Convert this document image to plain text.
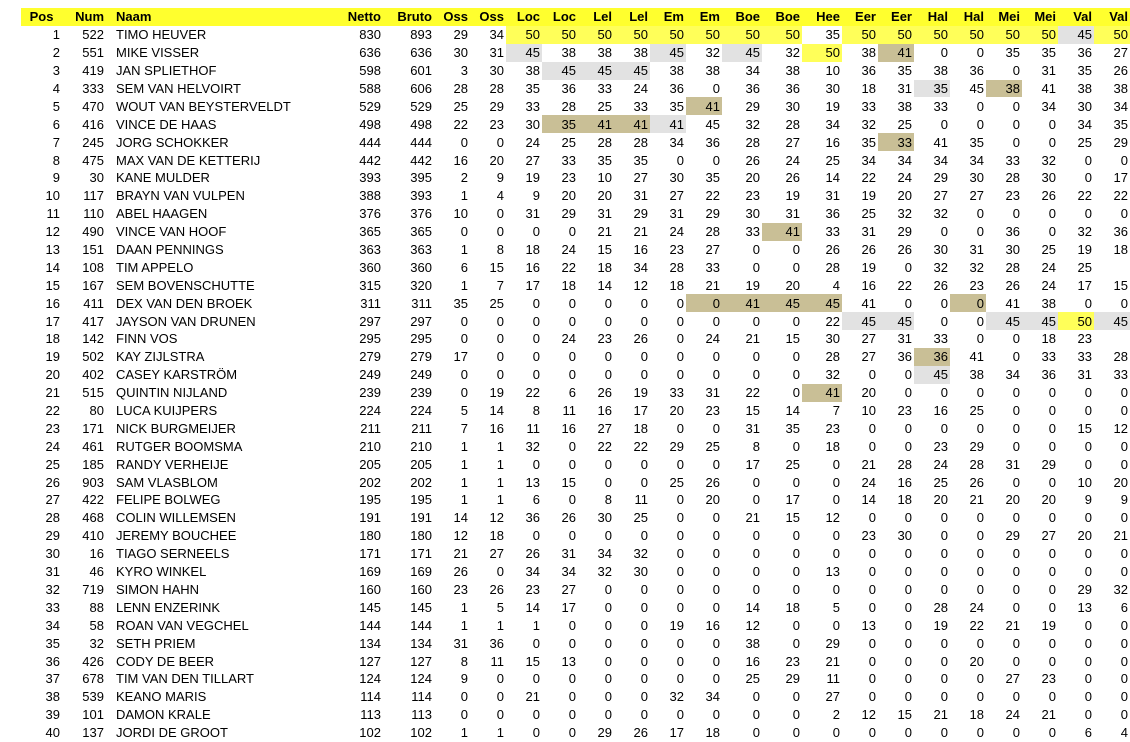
Pos	Num	Naam	Netto	Bruto	Oss	Oss	Loc	Loc	Lel	Lel	Em	Em	Boe	Boe	Hee	Eer	Eer	Hal	Hal	Mei	Mei	Val	Val
1	522	TIMO HEUVER	830	893	29	34	50	50	50	50	50	50	50	50	35	50	50	50	50	50	50	45	50
2	551	MIKE VISSER	636	636	30	31	45	38	38	38	45	32	45	32	50	38	41	0	0	35	35	36	27
3	419	JAN SPLIETHOF	598	601	3	30	38	45	45	45	38	38	34	38	10	36	35	38	36	0	31	35	26
4	333	SEM VAN HELVOIRT	588	606	28	28	35	36	33	24	36	0	36	36	30	18	31	35	45	38	41	38	38
5	470	WOUT VAN BEYSTERVELDT	529	529	25	29	33	28	25	33	35	41	29	30	19	33	38	33	0	0	34	30	34
6	416	VINCE DE HAAS	498	498	22	23	30	35	41	41	41	45	32	28	34	32	25	0	0	0	0	34	35
7	245	JORG SCHOKKER	444	444	0	0	24	25	28	28	34	36	28	27	16	35	33	41	35	0	0	25	29
8	475	MAX VAN DE KETTERIJ	442	442	16	20	27	33	35	35	0	0	26	24	25	34	34	34	34	33	32	0	0
9	30	KANE MULDER	393	395	2	9	19	23	10	27	30	35	20	26	14	22	24	29	30	28	30	0	17
10	117	BRAYN VAN VULPEN	388	393	1	4	9	20	20	31	27	22	23	19	31	19	20	27	27	23	26	22	22
11	110	ABEL HAAGEN	376	376	10	0	31	29	31	29	31	29	30	31	36	25	32	32	0	0	0	0	0
12	490	VINCE VAN HOOF	365	365	0	0	0	0	21	21	24	28	33	41	33	31	29	0	0	36	0	32	36
13	151	DAAN PENNINGS	363	363	1	8	18	24	15	16	23	27	0	0	26	26	26	30	31	30	25	19	18
14	108	TIM APPELO	360	360	6	15	16	22	18	34	28	33	0	0	28	19	0	32	32	28	24	25	
15	167	SEM BOVENSCHUTTE	315	320	1	7	17	18	14	12	18	21	19	20	4	16	22	26	23	26	24	17	15
16	411	DEX VAN DEN BROEK	311	311	35	25	0	0	0	0	0	0	41	45	45	41	0	0	0	41	38	0	0
17	417	JAYSON VAN DRUNEN	297	297	0	0	0	0	0	0	0	0	0	0	22	45	45	0	0	45	45	50	45
18	142	FINN VOS	295	295	0	0	0	24	23	26	0	24	21	15	30	27	31	33	0	0	18	23	
19	502	KAY ZIJLSTRA	279	279	17	0	0	0	0	0	0	0	0	0	28	27	36	36	41	0	33	33	28
20	402	CASEY KARSTRÖM	249	249	0	0	0	0	0	0	0	0	0	0	32	0	0	45	38	34	36	31	33
21	515	QUINTIN NIJLAND	239	239	0	19	22	6	26	19	33	31	22	0	41	20	0	0	0	0	0	0	0
22	80	LUCA KUIJPERS	224	224	5	14	8	11	16	17	20	23	15	14	7	10	23	16	25	0	0	0	0
23	171	NICK BURGMEIJER	211	211	7	16	11	16	27	18	0	0	31	35	23	0	0	0	0	0	0	15	12
24	461	RUTGER BOOMSMA	210	210	1	1	32	0	22	22	29	25	8	0	18	0	0	23	29	0	0	0	0
25	185	RANDY VERHEIJE	205	205	1	1	0	0	0	0	0	0	17	25	0	21	28	24	28	31	29	0	0
26	903	SAM VLASBLOM	202	202	1	1	13	15	0	0	25	26	0	0	0	24	16	25	26	0	0	10	20
27	422	FELIPE BOLWEG	195	195	1	1	6	0	8	11	0	20	0	17	0	14	18	20	21	20	20	9	9
28	468	COLIN WILLEMSEN	191	191	14	12	36	26	30	25	0	0	21	15	12	0	0	0	0	0	0	0	0
29	410	JEREMY BOUCHEE	180	180	12	18	0	0	0	0	0	0	0	0	0	23	30	0	0	29	27	20	21
30	16	TIAGO SERNEELS	171	171	21	27	26	31	34	32	0	0	0	0	0	0	0	0	0	0	0	0	0
31	46	KYRO WINKEL	169	169	26	0	34	34	32	30	0	0	0	0	13	0	0	0	0	0	0	0	0
32	719	SIMON HAHN	160	160	23	26	23	27	0	0	0	0	0	0	0	0	0	0	0	0	0	29	32
33	88	LENN ENZERINK	145	145	1	5	14	17	0	0	0	0	14	18	5	0	0	28	24	0	0	13	6
34	58	ROAN VAN VEGCHEL	144	144	1	1	1	0	0	0	19	16	12	0	0	13	0	19	22	21	19	0	0
35	32	SETH PRIEM	134	134	31	36	0	0	0	0	0	0	38	0	29	0	0	0	0	0	0	0	0
36	426	CODY DE BEER	127	127	8	11	15	13	0	0	0	0	16	23	21	0	0	0	20	0	0	0	0
37	678	TIM VAN DEN TILLART	124	124	9	0	0	0	0	0	0	0	25	29	11	0	0	0	0	27	23	0	0
38	539	KEANO MARIS	114	114	0	0	21	0	0	0	32	34	0	0	27	0	0	0	0	0	0	0	0
39	101	DAMON KRALE	113	113	0	0	0	0	0	0	0	0	0	0	2	12	15	21	18	24	21	0	0
40	137	JORDI DE GROOT	102	102	1	1	0	0	29	26	17	18	0	0	0	0	0	0	0	0	0	6	4
